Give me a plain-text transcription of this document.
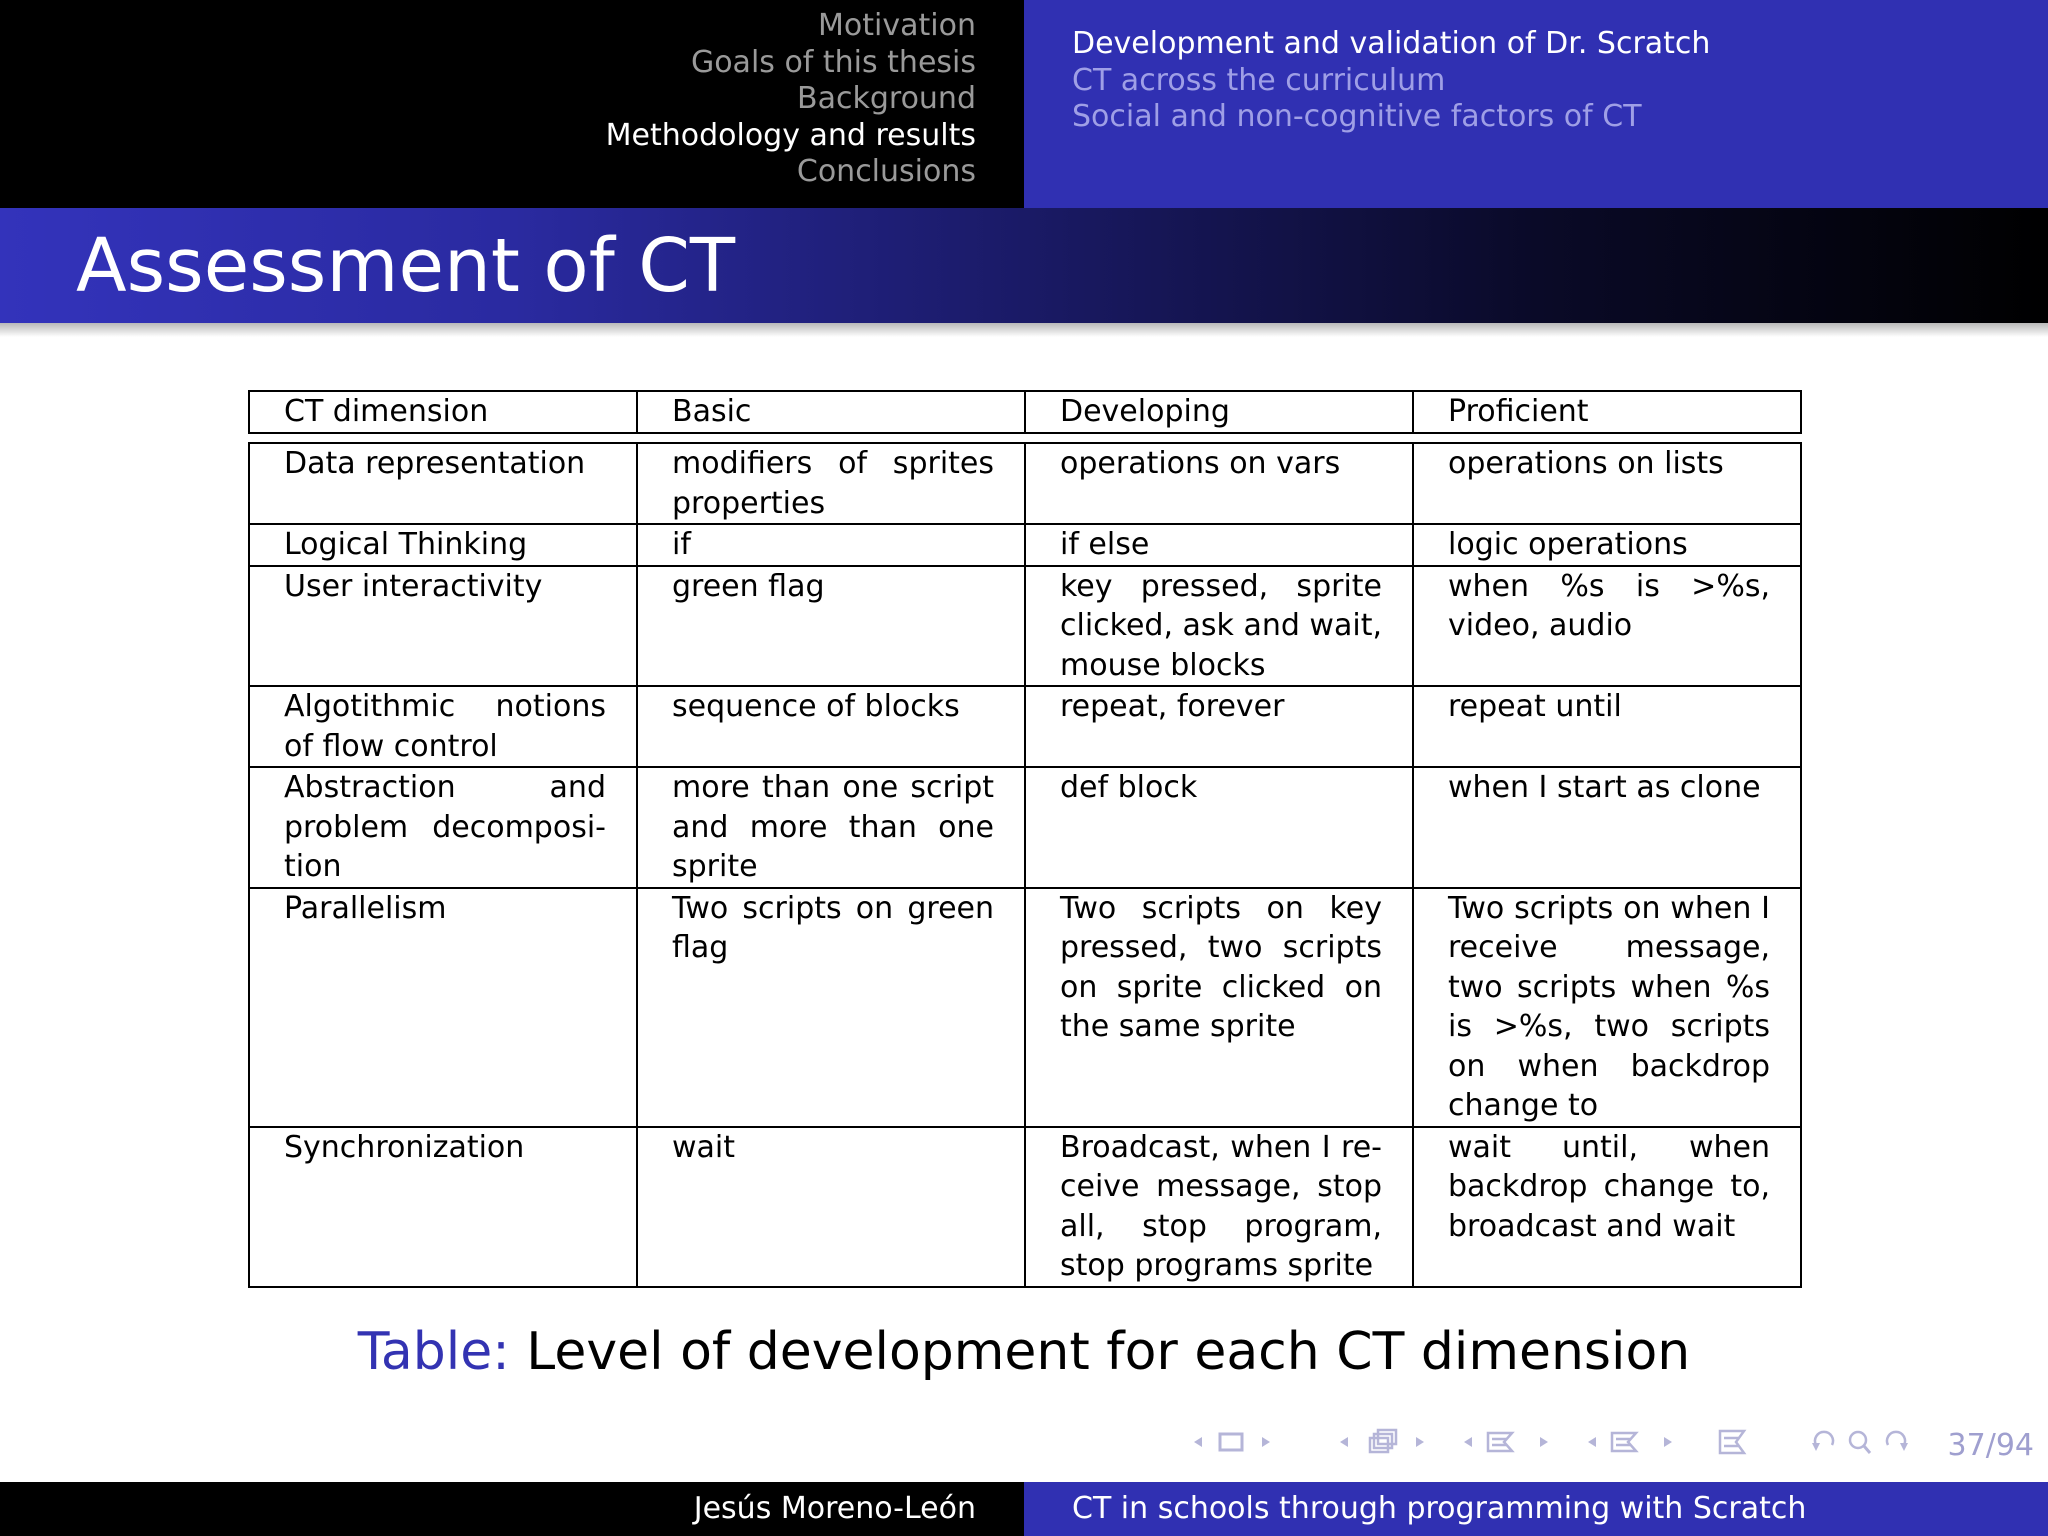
Motivation
Goals of this thesis
Background
Methodology and results
Conclusions
Development and validation of Dr. Scratch
CT across the curriculum
Social and non-cognitive factors of CT
Assessment of CT
CT dimension	Basic	Developing	Proficient

Data representation	modifiers of sprites properties	operations on vars	operations on lists
Logical Thinking	if	if else	logic operations
User interactivity	green flag	key pressed, sprite clicked, ask and wait, mouse blocks	when %s is >%s, video, audio
Algotithmic notions of flow control	sequence of blocks	repeat, forever	repeat until
Abstraction and problem decomposi-tion	more than one script and more than one sprite	def block	when I start as clone
Parallelism	Two scripts on green flag	Two scripts on key pressed, two scripts on sprite clicked on the same sprite	Two scripts on when I receive message, two scripts when %s is >%s, two scripts on when backdrop change to
Synchronization	wait	Broadcast, when I re-ceive message, stop all, stop program, stop programs sprite	wait until, when backdrop change to, broadcast and wait
Table: Level of development for each CT dimension
37/94
Jesús Moreno-León	CT in schools through programming with Scratch
